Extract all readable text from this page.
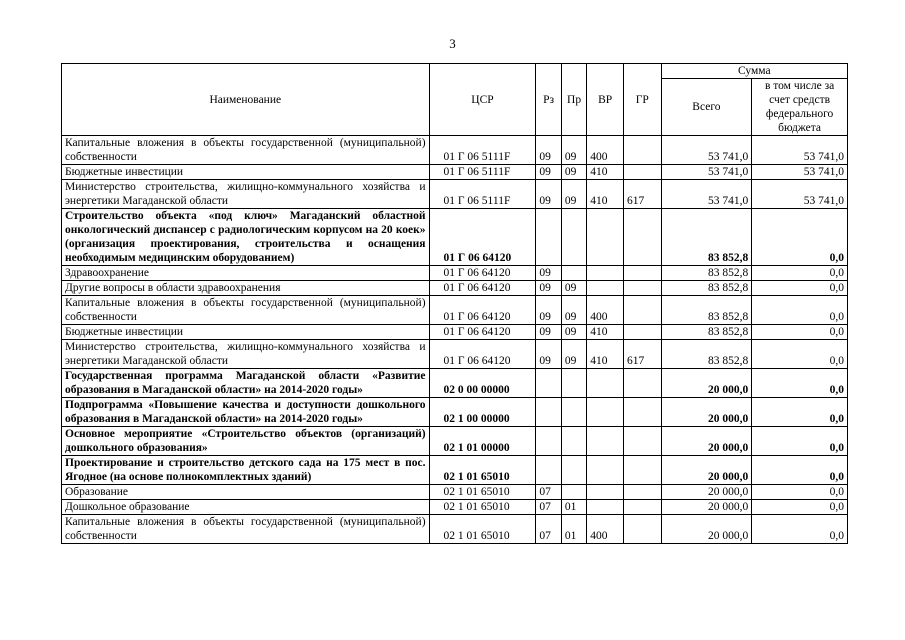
3
Наименование	ЦСР	Рз	Пр	ВР	ГР	Сумма	
						Всего	в том числе за счет средств федерального бюджета
Капитальные вложения в объекты государственной (муниципальной) собственности	01 Г 06 5111F	09	09	400		53 741,0	53 741,0
Бюджетные инвестиции	01 Г 06 5111F	09	09	410		53 741,0	53 741,0
Министерство строительства, жилищно-коммунального хозяйства и энергетики Магаданской области	01 Г 06 5111F	09	09	410	617	53 741,0	53 741,0
Строительство объекта «под ключ» Магаданский областной онкологический диспансер с радиологическим корпусом на 20 коек» (организация проектирования, строительства и оснащения необходимым медицинским оборудованием)	01 Г 06 64120					83 852,8	0,0
Здравоохранение	01 Г 06 64120	09				83 852,8	0,0
Другие вопросы в области здравоохранения	01 Г 06 64120	09	09			83 852,8	0,0
Капитальные вложения в объекты государственной (муниципальной) собственности	01 Г 06 64120	09	09	400		83 852,8	0,0
Бюджетные инвестиции	01 Г 06 64120	09	09	410		83 852,8	0,0
Министерство строительства, жилищно-коммунального хозяйства и энергетики Магаданской области	01 Г 06 64120	09	09	410	617	83 852,8	0,0
Государственная программа Магаданской области «Развитие образования в Магаданской области» на 2014-2020 годы»	02 0 00 00000					20 000,0	0,0
Подпрограмма «Повышение качества и доступности дошкольного образования в Магаданской области» на 2014-2020 годы»	02 1 00 00000					20 000,0	0,0
Основное мероприятие «Строительство объектов (организаций) дошкольного образования»	02 1 01 00000					20 000,0	0,0
Проектирование и строительство детского сада на 175 мест в пос. Ягодное (на основе полнокомплектных зданий)	02 1 01 65010					20 000,0	0,0
Образование	02 1 01 65010	07				20 000,0	0,0
Дошкольное образование	02 1 01 65010	07	01			20 000,0	0,0
Капитальные вложения в объекты государственной (муниципальной) собственности	02 1 01 65010	07	01	400		20 000,0	0,0
